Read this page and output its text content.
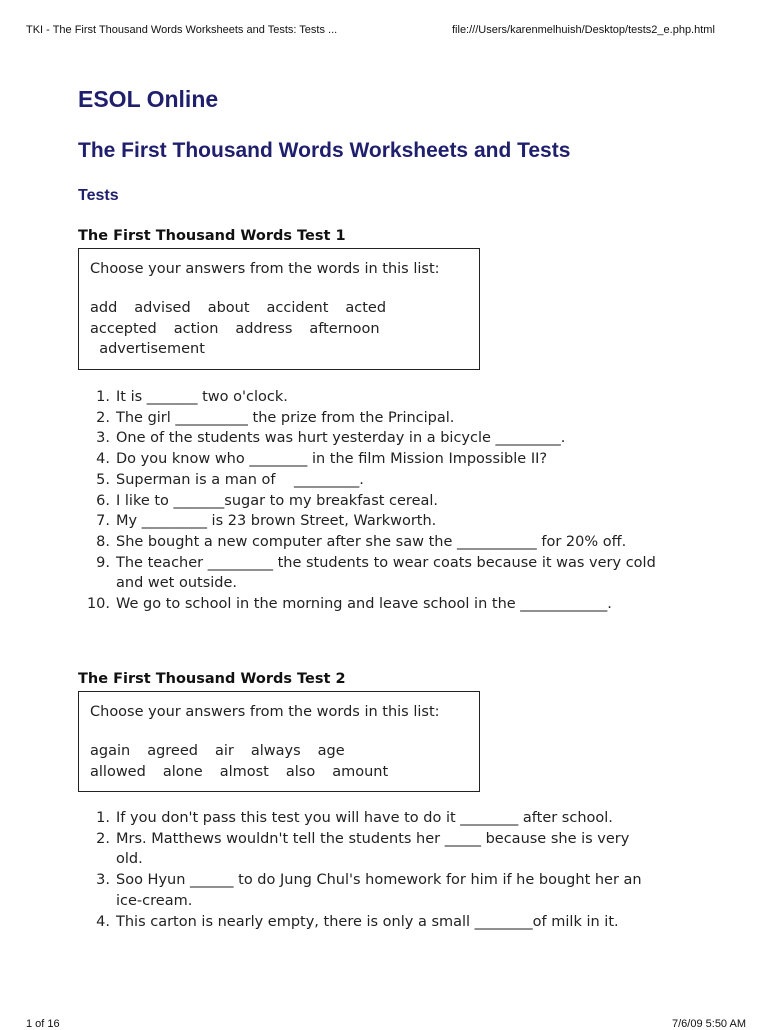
TKI - The First Thousand Words Worksheets and Tests: Tests ...	file:///Users/karenmelhuish/Desktop/tests2_e.php.html
ESOL Online
The First Thousand Words Worksheets and Tests
Tests
The First Thousand Words Test 1
Choose your answers from the words in this list:
add advised about accident acted
accepted action address afternoon
advertisement
1. It is _______ two o'clock.
2. The girl __________ the prize from the Principal.
3. One of the students was hurt yesterday in a bicycle _________.
4. Do you know who ________ in the film Mission Impossible II?
5. Superman is a man of    _________.
6. I like to _______sugar to my breakfast cereal.
7. My _________ is 23 brown Street, Warkworth.
8. She bought a new computer after she saw the ___________ for 20% off.
9. The teacher _________ the students to wear coats because it was very cold and wet outside.
10. We go to school in the morning and leave school in the ____________.
The First Thousand Words Test 2
Choose your answers from the words in this list:
again agreed air always age
allowed alone almost also amount
1. If you don't pass this test you will have to do it ________ after school.
2. Mrs. Matthews wouldn't tell the students her _____ because she is very old.
3. Soo Hyun ______ to do Jung Chul's homework for him if he bought her an ice-cream.
4. This carton is nearly empty, there is only a small ________of milk in it.
1 of 16	7/6/09 5:50 AM
